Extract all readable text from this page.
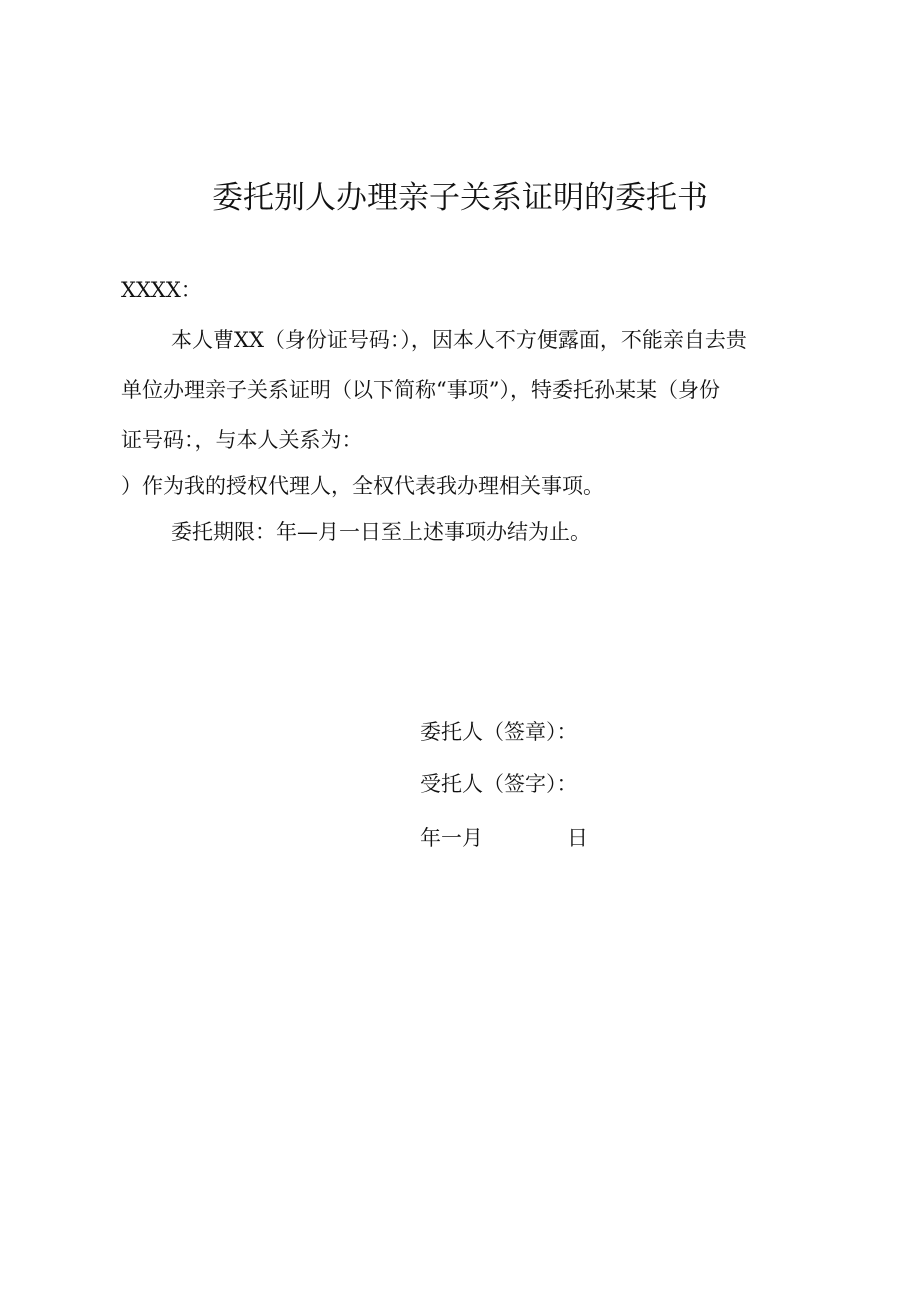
委托别人办理亲子关系证明的委托书
XXXX：
本人曹XX（身份证号码：），因本人不方便露面，不能亲自去贵
单位办理亲子关系证明（以下简称“事项”），特委托孙某某（身份
证号码：，与本人关系为：
）作为我的授权代理人，全权代表我办理相关事项。
委托期限：年—月一日至上述事项办结为止。
委托人（签章）：
受托人（签字）：
年一月	日
